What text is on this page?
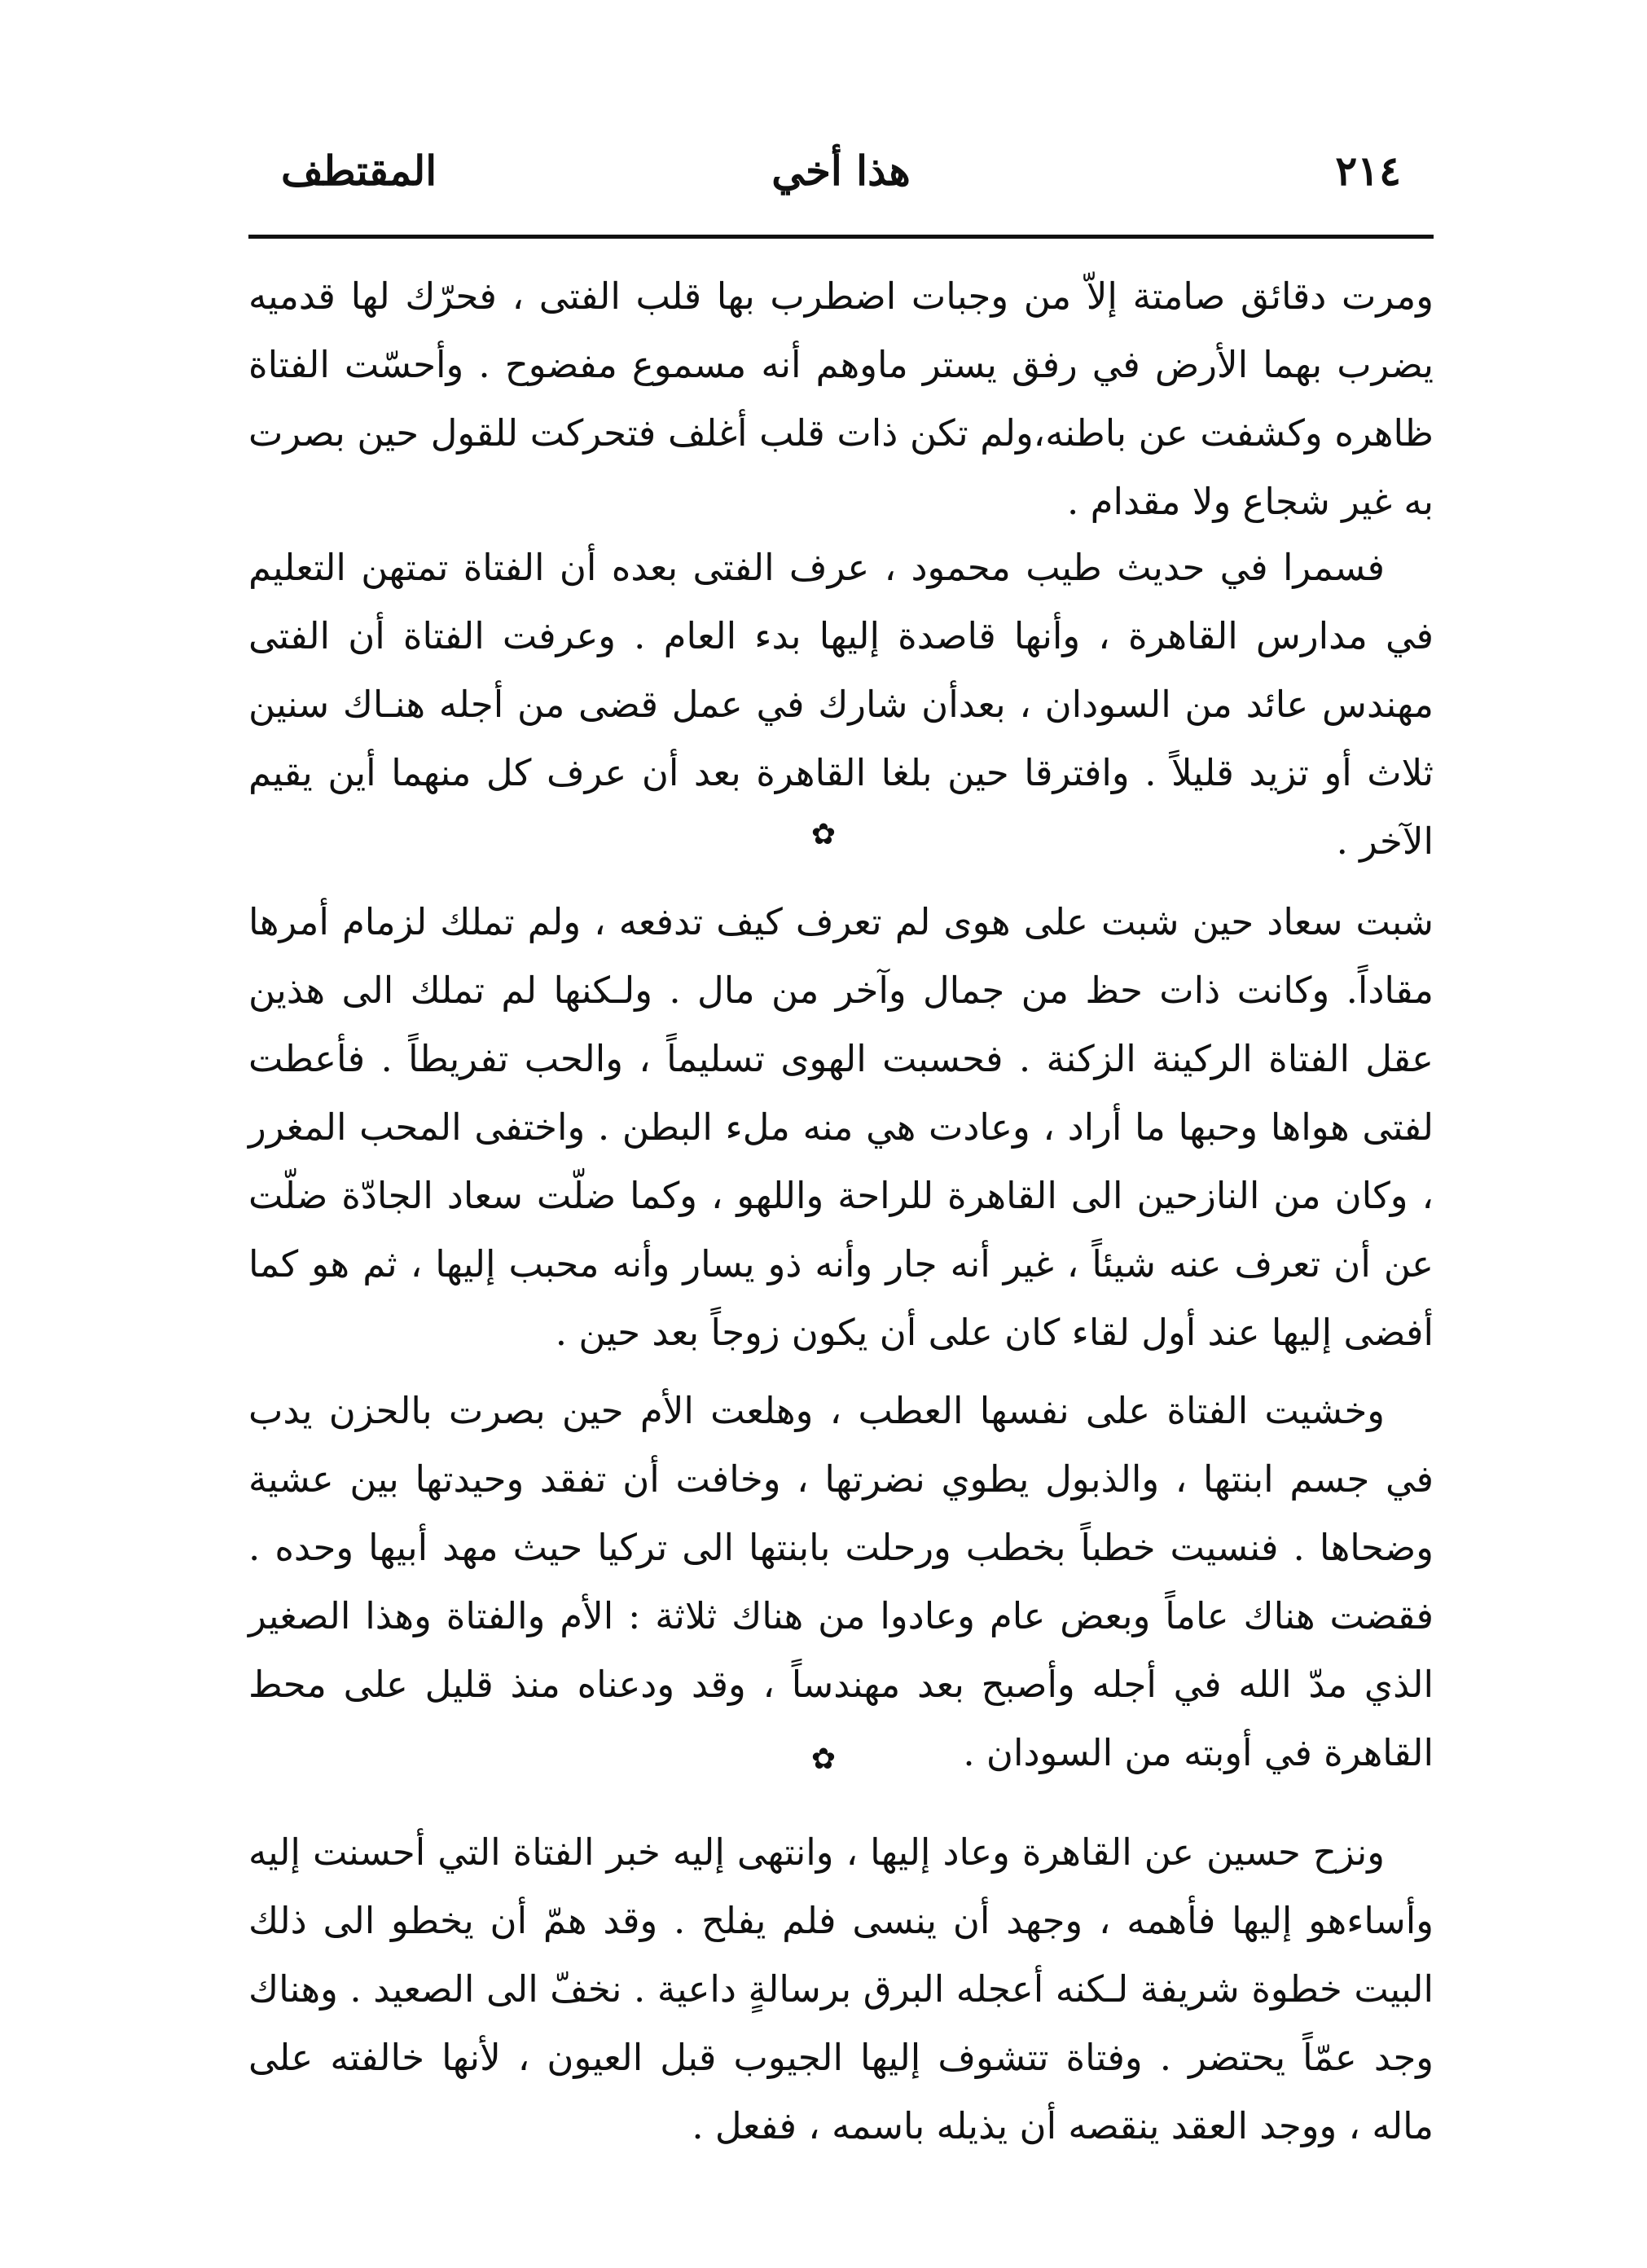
٢١٤
هذا أخي
المقتطف

ومرت دقائق صامتة إلاّ من وجبات اضطرب بها قلب الفتى ، فحرّك لها قدميه يضرب بهما الأرض في رفق يستر ماوهم أنه مسموع مفضوح . وأحسّت الفتاة ظاهره وكشفت عن باطنه،ولم تكن ذات قلب أغلف فتحركت للقول حين بصرت به غير شجاع ولا مقدام .

فسمرا في حديث طيب محمود ، عرف الفتى بعده أن الفتاة تمتهن التعليم في مدارس القاهرة ، وأنها قاصدة إليها بدء العام . وعرفت الفتاة أن الفتى مهندس عائد من السودان ، بعدأن شارك في عمل قضى من أجله هنـاك سنين ثلاث أو تزيد قليلاً . وافترقا حين بلغا القاهرة بعد أن عرف كل منهما أين يقيم الآخر .

✿

شبت سعاد حين شبت على هوى لم تعرف كيف تدفعه ، ولم تملك لزمام أمرها مقاداً. وكانت ذات حظ من جمال وآخر من مال . ولـكنها لم تملك الى هذين عقل الفتاة الركينة الزكنة . فحسبت الهوى تسليماً ، والحب تفريطاً . فأعطت لفتى هواها وحبها ما أراد ، وعادت هي منه ملء البطن . واختفى المحب المغرر ، وكان من النازحين الى القاهرة للراحة واللهو ، وكما ضلّت سعاد الجادّة ضلّت عن أن تعرف عنه شيئاً ، غير أنه جار وأنه ذو يسار وأنه محبب إليها ، ثم هو كما أفضى إليها عند أول لقاء كان على أن يكون زوجاً بعد حين .

وخشيت الفتاة على نفسها العطب ، وهلعت الأم حين بصرت بالحزن يدب في جسم ابنتها ، والذبول يطوي نضرتها ، وخافت أن تفقد وحيدتها بين عشية وضحاها . فنسيت خطباً بخطب ورحلت بابنتها الى تركيا حيث مهد أبيها وحده . فقضت هناك عاماً وبعض عام وعادوا من هناك ثلاثة : الأم والفتاة وهذا الصغير الذي مدّ الله في أجله وأصبح بعد مهندساً ، وقد ودعناه منذ قليل على محط القاهرة في أوبته من السودان .

✿

ونزح حسين عن القاهرة وعاد إليها ، وانتهى إليه خبر الفتاة التي أحسنت إليه وأساءهو إليها فأهمه ، وجهد أن ينسى فلم يفلح . وقد همّ أن يخطو الى ذلك البيت خطوة شريفة لـكنه أعجله البرق برسالةٍ داعية . نخفّ الى الصعيد . وهناك وجد عمّاً يحتضر . وفتاة تتشوف إليها الجيوب قبل العيون ، لأنها خالفته على ماله ، ووجد العقد ينقصه أن يذيله باسمه ، ففعل .
